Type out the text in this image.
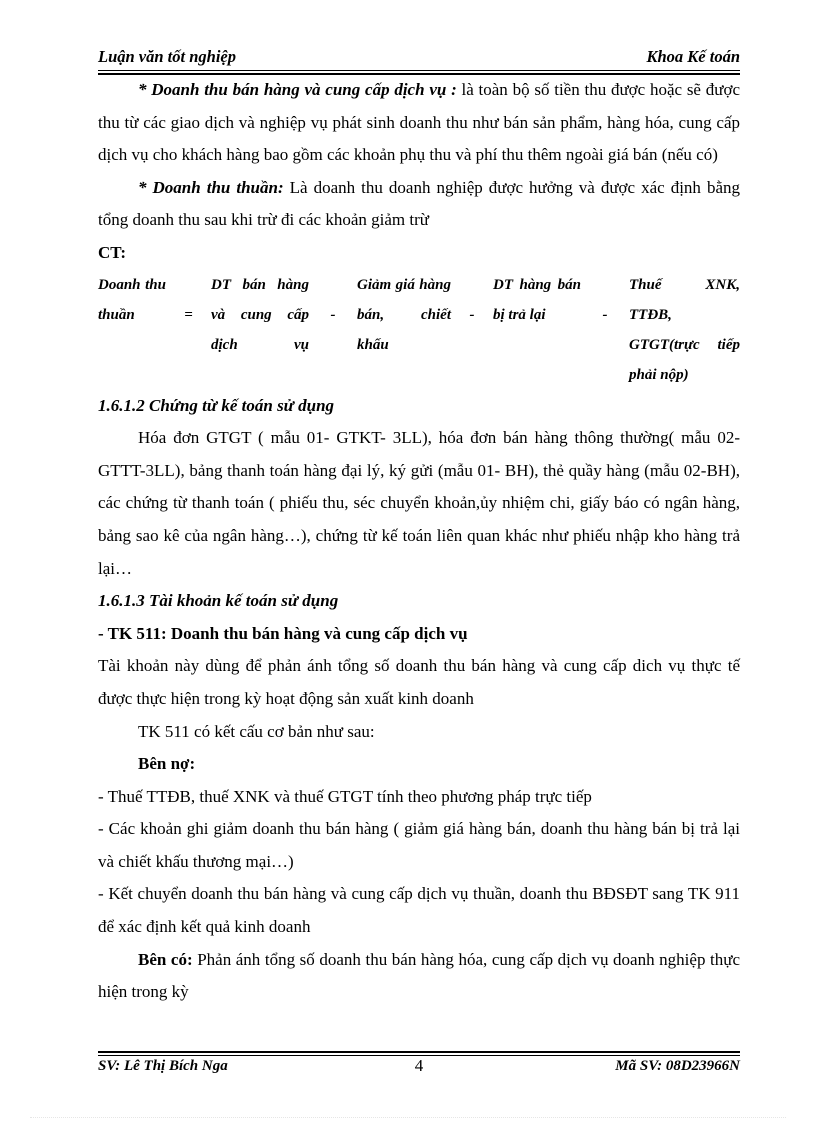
Luận văn tốt nghiệp	Khoa Kế toán

* Doanh thu bán hàng và cung cấp dịch vụ : là toàn bộ số tiền thu được hoặc sẽ được thu từ các giao dịch và nghiệp vụ phát sinh doanh thu như bán sản phẩm, hàng hóa, cung cấp dịch vụ cho khách hàng bao gồm các khoản phụ thu và phí thu thêm ngoài giá bán (nếu có)

* Doanh thu thuần: Là doanh thu doanh nghiệp được hưởng và được xác định bằng tổng doanh thu sau khi trừ đi các khoản giảm trừ

CT:

Doanh thu thuần	=	

DT bán hàng và cung cấp dịch vụ

	-	

Giảm giá hàng bán, chiết khấu

	-	

DT hàng bán bị trả lại	-	

Thuế XNK, TTĐB, GTGT(trực tiếp phải nộp)

1.6.1.2 Chứng từ kế toán sử dụng

Hóa đơn GTGT ( mẫu 01- GTKT- 3LL), hóa đơn bán hàng thông thường( mẫu 02-GTTT-3LL), bảng thanh toán hàng đại lý, ký gửi (mẫu 01- BH), thẻ quầy hàng (mẫu 02-BH), các chứng từ thanh toán ( phiếu thu, séc chuyển khoản,ủy nhiệm chi, giấy báo có ngân hàng, bảng sao kê của ngân hàng…), chứng từ kế toán liên quan khác như phiếu nhập kho hàng trả lại…

1.6.1.3 Tài khoản kế toán sử dụng

- TK 511: Doanh thu bán hàng và cung cấp dịch vụ

Tài khoản này dùng để phản ánh tổng số doanh thu bán hàng và cung cấp dich vụ thực tế được thực hiện trong kỳ hoạt động sản xuất kinh doanh

TK 511 có kết cấu cơ bản như sau:

Bên nợ:

- Thuế TTĐB, thuế XNK và thuế GTGT tính theo phương pháp trực tiếp

- Các khoản ghi giảm doanh thu bán hàng ( giảm giá hàng bán, doanh thu hàng bán bị trả lại và chiết khấu thương mại…)

- Kết chuyển doanh thu bán hàng và cung cấp dịch vụ thuần, doanh thu BĐSĐT sang TK 911 để xác định kết quả kinh doanh

Bên có: Phản ánh tổng số doanh thu bán hàng hóa, cung cấp dịch vụ doanh nghiệp thực hiện trong kỳ

SV: Lê Thị Bích Nga	4	Mã SV: 08D23966N
